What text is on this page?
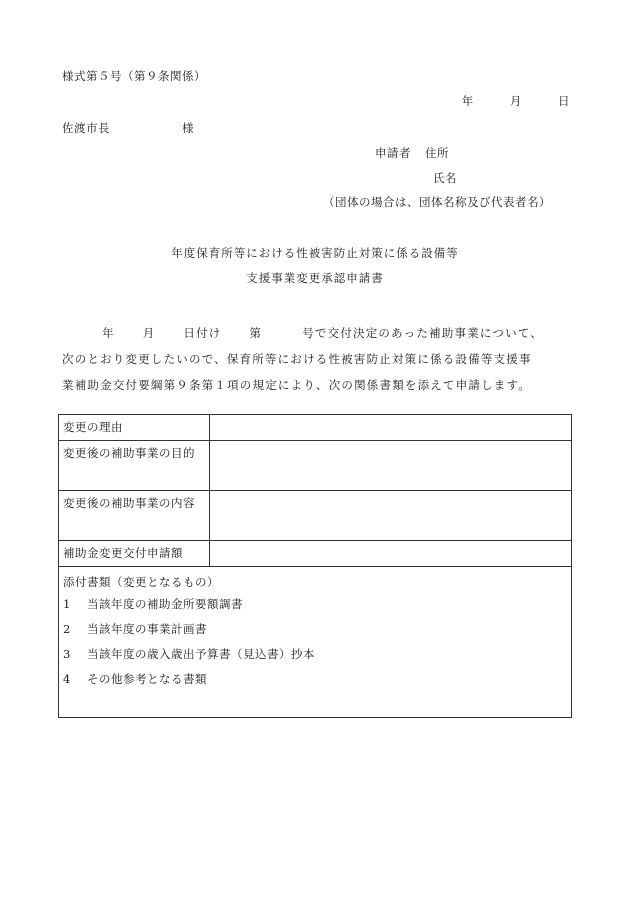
様式第５号（第９条関係）
年	月	日
佐渡市長	様
申請者 住所
氏名
（団体の場合は、団体名称及び代表者名）
年度保育所等における性被害防止対策に係る設備等
支援事業変更承認申請書
年 月 日付け 第	号で交付決定のあった補助事業について、
次のとおり変更したいので、保育所等における性被害防止対策に係る設備等支援事
業補助金交付要綱第９条第１項の規定により、次の関係書類を添えて申請します。
変更の理由	
変更後の補助事業の目的	
変更後の補助事業の内容	
補助金変更交付申請額	

添付書類（変更となるもの）
1 当該年度の補助金所要額調書
2 当該年度の事業計画書
3 当該年度の歳入歳出予算書（見込書）抄本
4 その他参考となる書類	
